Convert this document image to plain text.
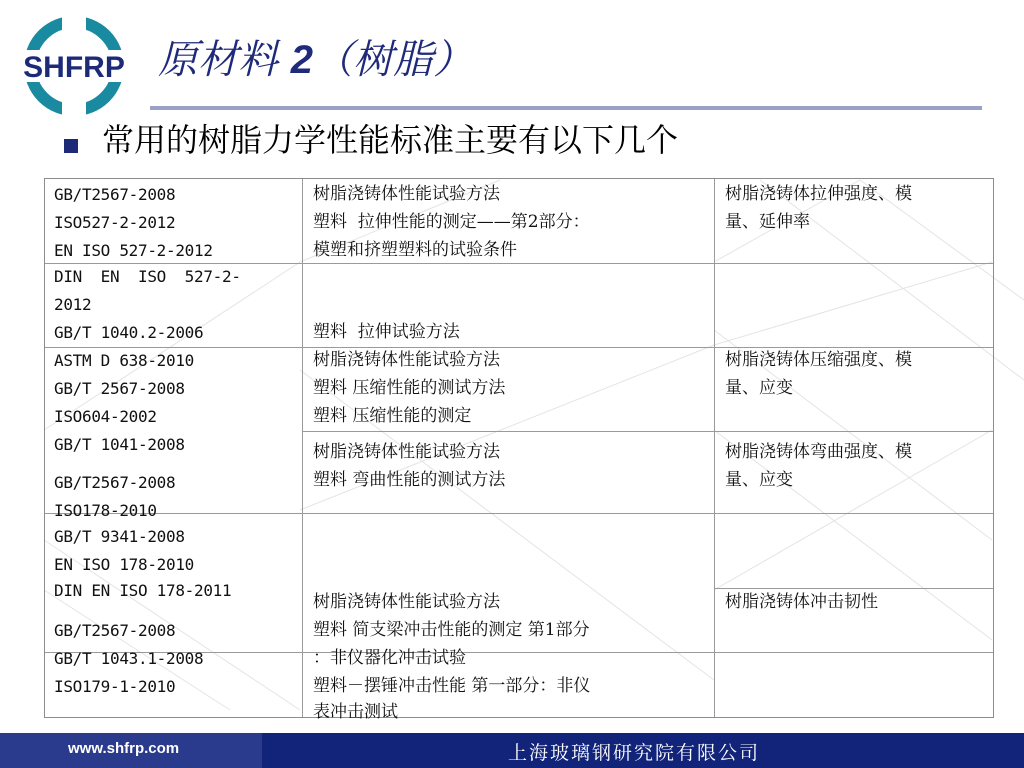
SHFRP 原材料 2（树脂）
常用的树脂力学性能标准主要有以下几个
GB/T2567-2008
ISO527-2-2012
EN ISO 527-2-2012
DIN  EN  ISO  527-2-
2012
GB/T 1040.2-2006
ASTM D 638-2010
GB/T 2567-2008
ISO604-2002
GB/T 1041-2008
GB/T2567-2008
ISO178-2010
GB/T 9341-2008
EN ISO 178-2010
DIN EN ISO 178-2011
GB/T2567-2008
GB/T 1043.1-2008
ISO179-1-2010
树脂浇铸体性能试验方法
塑料  拉伸性能的测定——第2部分：
模塑和挤塑塑料的试验条件
塑料  拉伸试验方法
树脂浇铸体性能试验方法
塑料 压缩性能的测试方法
塑料 压缩性能的测定
树脂浇铸体性能试验方法
塑料 弯曲性能的测试方法
树脂浇铸体性能试验方法
塑料 简支梁冲击性能的测定 第1部分
：非仪器化冲击试验
塑料－摆锤冲击性能 第一部分：非仪
表冲击测试
树脂浇铸体拉伸强度、模
量、延伸率
树脂浇铸体压缩强度、模
量、应变
树脂浇铸体弯曲强度、模
量、应变
树脂浇铸体冲击韧性
www.shfrp.com	上海玻璃钢研究院有限公司
